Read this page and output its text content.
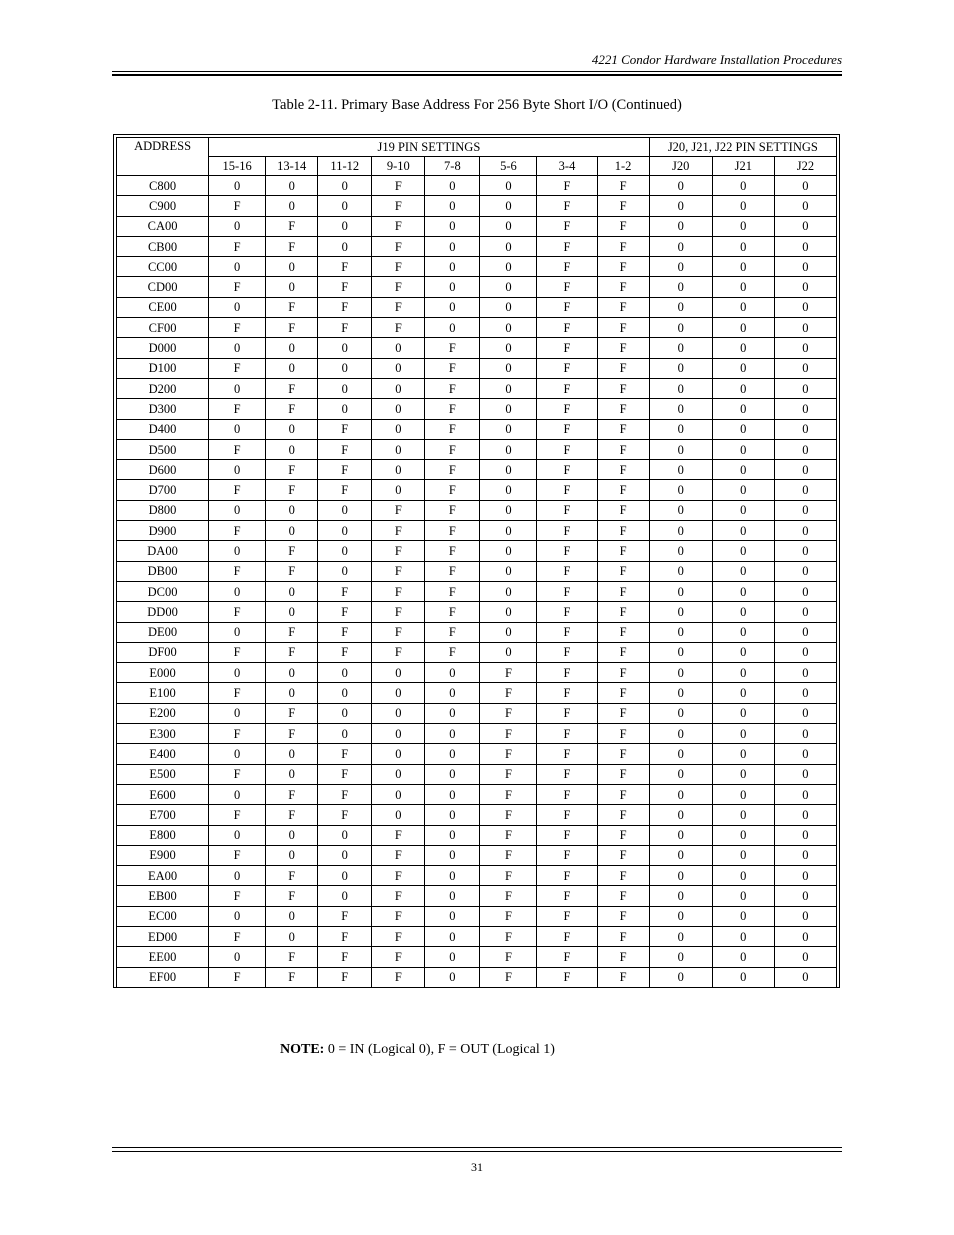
4221 Condor Hardware Installation Procedures
Table 2-11. Primary Base Address For 256 Byte Short I/O (Continued)
ADDRESS	J19 PIN SETTINGS								J20, J21, J22 PIN SETTINGS		
	15-16	13-14	11-12	9-10	7-8	5-6	3-4	1-2	J20	J21	J22
C800	0	0	0	F	0	0	F	F	0	0	0
C900	F	0	0	F	0	0	F	F	0	0	0
CA00	0	F	0	F	0	0	F	F	0	0	0
CB00	F	F	0	F	0	0	F	F	0	0	0
CC00	0	0	F	F	0	0	F	F	0	0	0
CD00	F	0	F	F	0	0	F	F	0	0	0
CE00	0	F	F	F	0	0	F	F	0	0	0
CF00	F	F	F	F	0	0	F	F	0	0	0
D000	0	0	0	0	F	0	F	F	0	0	0
D100	F	0	0	0	F	0	F	F	0	0	0
D200	0	F	0	0	F	0	F	F	0	0	0
D300	F	F	0	0	F	0	F	F	0	0	0
D400	0	0	F	0	F	0	F	F	0	0	0
D500	F	0	F	0	F	0	F	F	0	0	0
D600	0	F	F	0	F	0	F	F	0	0	0
D700	F	F	F	0	F	0	F	F	0	0	0
D800	0	0	0	F	F	0	F	F	0	0	0
D900	F	0	0	F	F	0	F	F	0	0	0
DA00	0	F	0	F	F	0	F	F	0	0	0
DB00	F	F	0	F	F	0	F	F	0	0	0
DC00	0	0	F	F	F	0	F	F	0	0	0
DD00	F	0	F	F	F	0	F	F	0	0	0
DE00	0	F	F	F	F	0	F	F	0	0	0
DF00	F	F	F	F	F	0	F	F	0	0	0
E000	0	0	0	0	0	F	F	F	0	0	0
E100	F	0	0	0	0	F	F	F	0	0	0
E200	0	F	0	0	0	F	F	F	0	0	0
E300	F	F	0	0	0	F	F	F	0	0	0
E400	0	0	F	0	0	F	F	F	0	0	0
E500	F	0	F	0	0	F	F	F	0	0	0
E600	0	F	F	0	0	F	F	F	0	0	0
E700	F	F	F	0	0	F	F	F	0	0	0
E800	0	0	0	F	0	F	F	F	0	0	0
E900	F	0	0	F	0	F	F	F	0	0	0
EA00	0	F	0	F	0	F	F	F	0	0	0
EB00	F	F	0	F	0	F	F	F	0	0	0
EC00	0	0	F	F	0	F	F	F	0	0	0
ED00	F	0	F	F	0	F	F	F	0	0	0
EE00	0	F	F	F	0	F	F	F	0	0	0
EF00	F	F	F	F	0	F	F	F	0	0	0
NOTE: 0 = IN (Logical 0), F = OUT (Logical 1)
31
